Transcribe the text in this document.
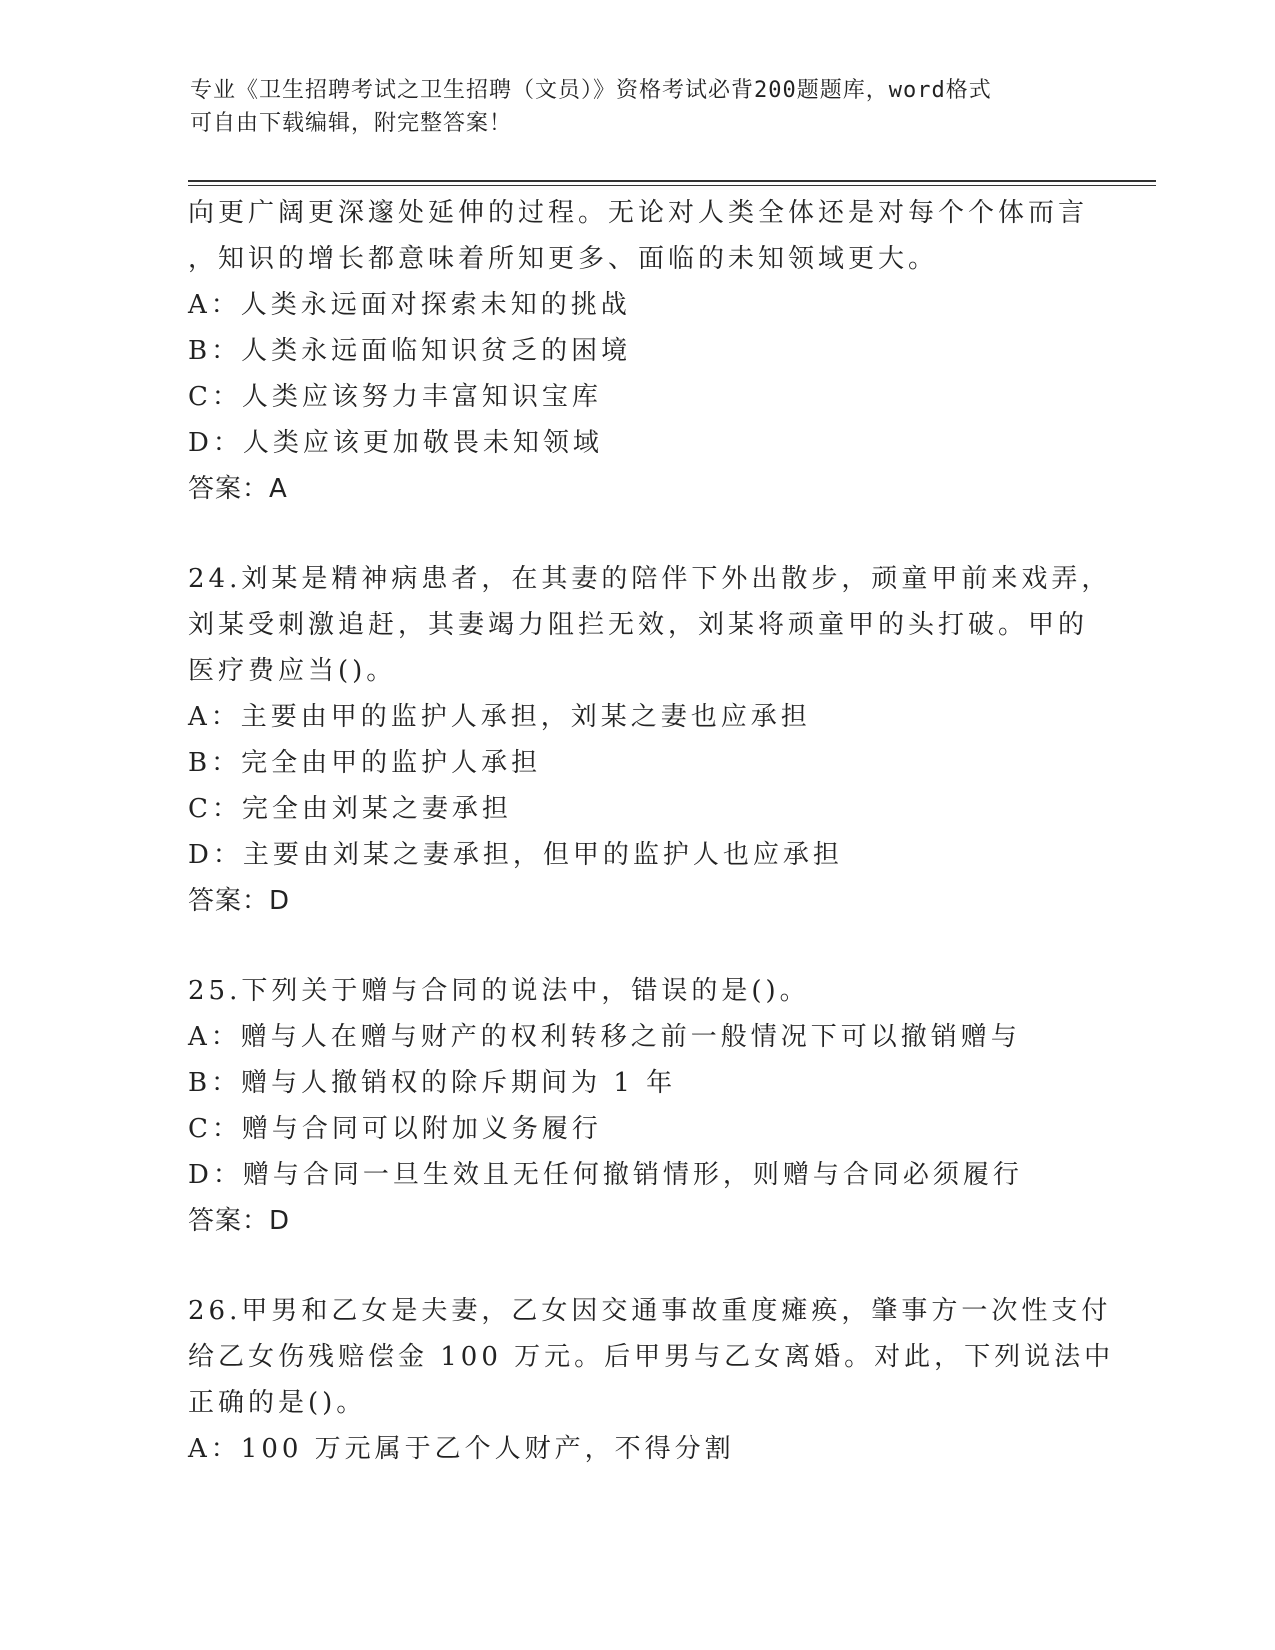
专业《卫生招聘考试之卫生招聘（文员）》资格考试必背200题题库，word格式
可自由下载编辑，附完整答案！
向更广阔更深邃处延伸的过程。无论对人类全体还是对每个个体而言
，知识的增长都意味着所知更多、面临的未知领域更大。
A：人类永远面对探索未知的挑战
B：人类永远面临知识贫乏的困境
C：人类应该努力丰富知识宝库
D：人类应该更加敬畏未知领域
答案：A
24.刘某是精神病患者，在其妻的陪伴下外出散步，顽童甲前来戏弄，
刘某受刺激追赶，其妻竭力阻拦无效，刘某将顽童甲的头打破。甲的
医疗费应当()。
A：主要由甲的监护人承担，刘某之妻也应承担
B：完全由甲的监护人承担
C：完全由刘某之妻承担
D：主要由刘某之妻承担，但甲的监护人也应承担
答案：D
25.下列关于赠与合同的说法中，错误的是()。
A：赠与人在赠与财产的权利转移之前一般情况下可以撤销赠与
B：赠与人撤销权的除斥期间为 1 年
C：赠与合同可以附加义务履行
D：赠与合同一旦生效且无任何撤销情形，则赠与合同必须履行
答案：D
26.甲男和乙女是夫妻，乙女因交通事故重度瘫痪，肇事方一次性支付
给乙女伤残赔偿金 100 万元。后甲男与乙女离婚。对此，下列说法中
正确的是()。
A：100 万元属于乙个人财产，不得分割
